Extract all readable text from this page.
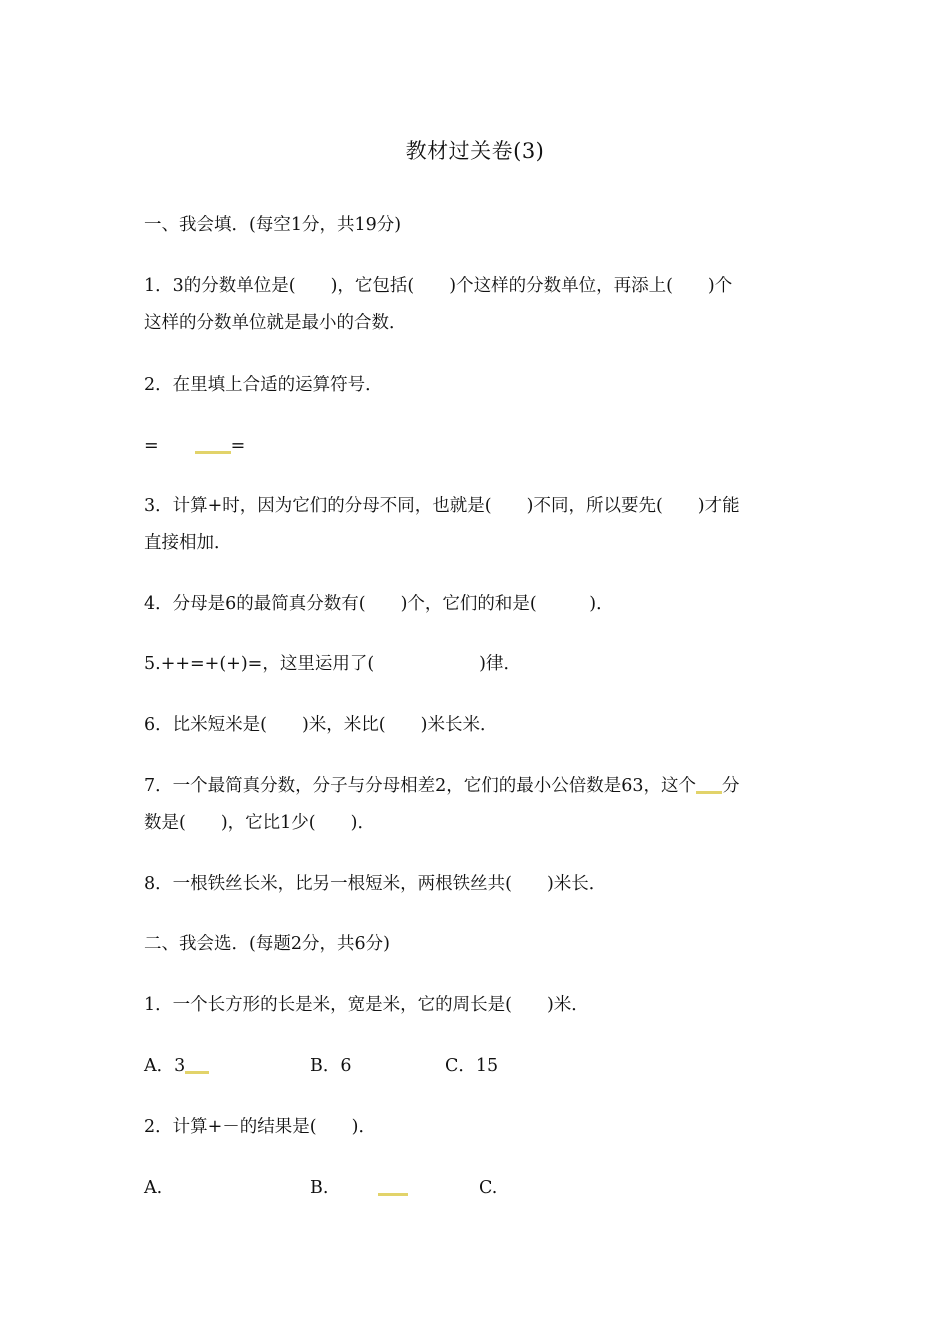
教材过关卷(3)
一、我会填．(每空1分，共19分)
1．3的分数单位是(　　)，它包括(　　)个这样的分数单位，再添上(　　)个
这样的分数单位就是最小的合数．
2．在里填上合适的运算符号．
=	=
3．计算+时，因为它们的分母不同，也就是(　　)不同，所以要先(　　)才能
直接相加．
4．分母是6的最简真分数有(　　)个，它们的和是(　　　)．
5.++=+(+)=，这里运用了(　　　　　　)律．
6．比米短米是(　　)米，米比(　　)米长米．
7．一个最简真分数，分子与分母相差2，它们的最小公倍数是63，这个 分
数是(　　)，它比1少(　　)．
8．一根铁丝长米，比另一根短米，两根铁丝共(　　)米长．
二、我会选．(每题2分，共6分)
1．一个长方形的长是米，宽是米，它的周长是(　　)米．
A．3	B．6	C．15
2．计算+－的结果是(　　)．
A.	B.	C.
